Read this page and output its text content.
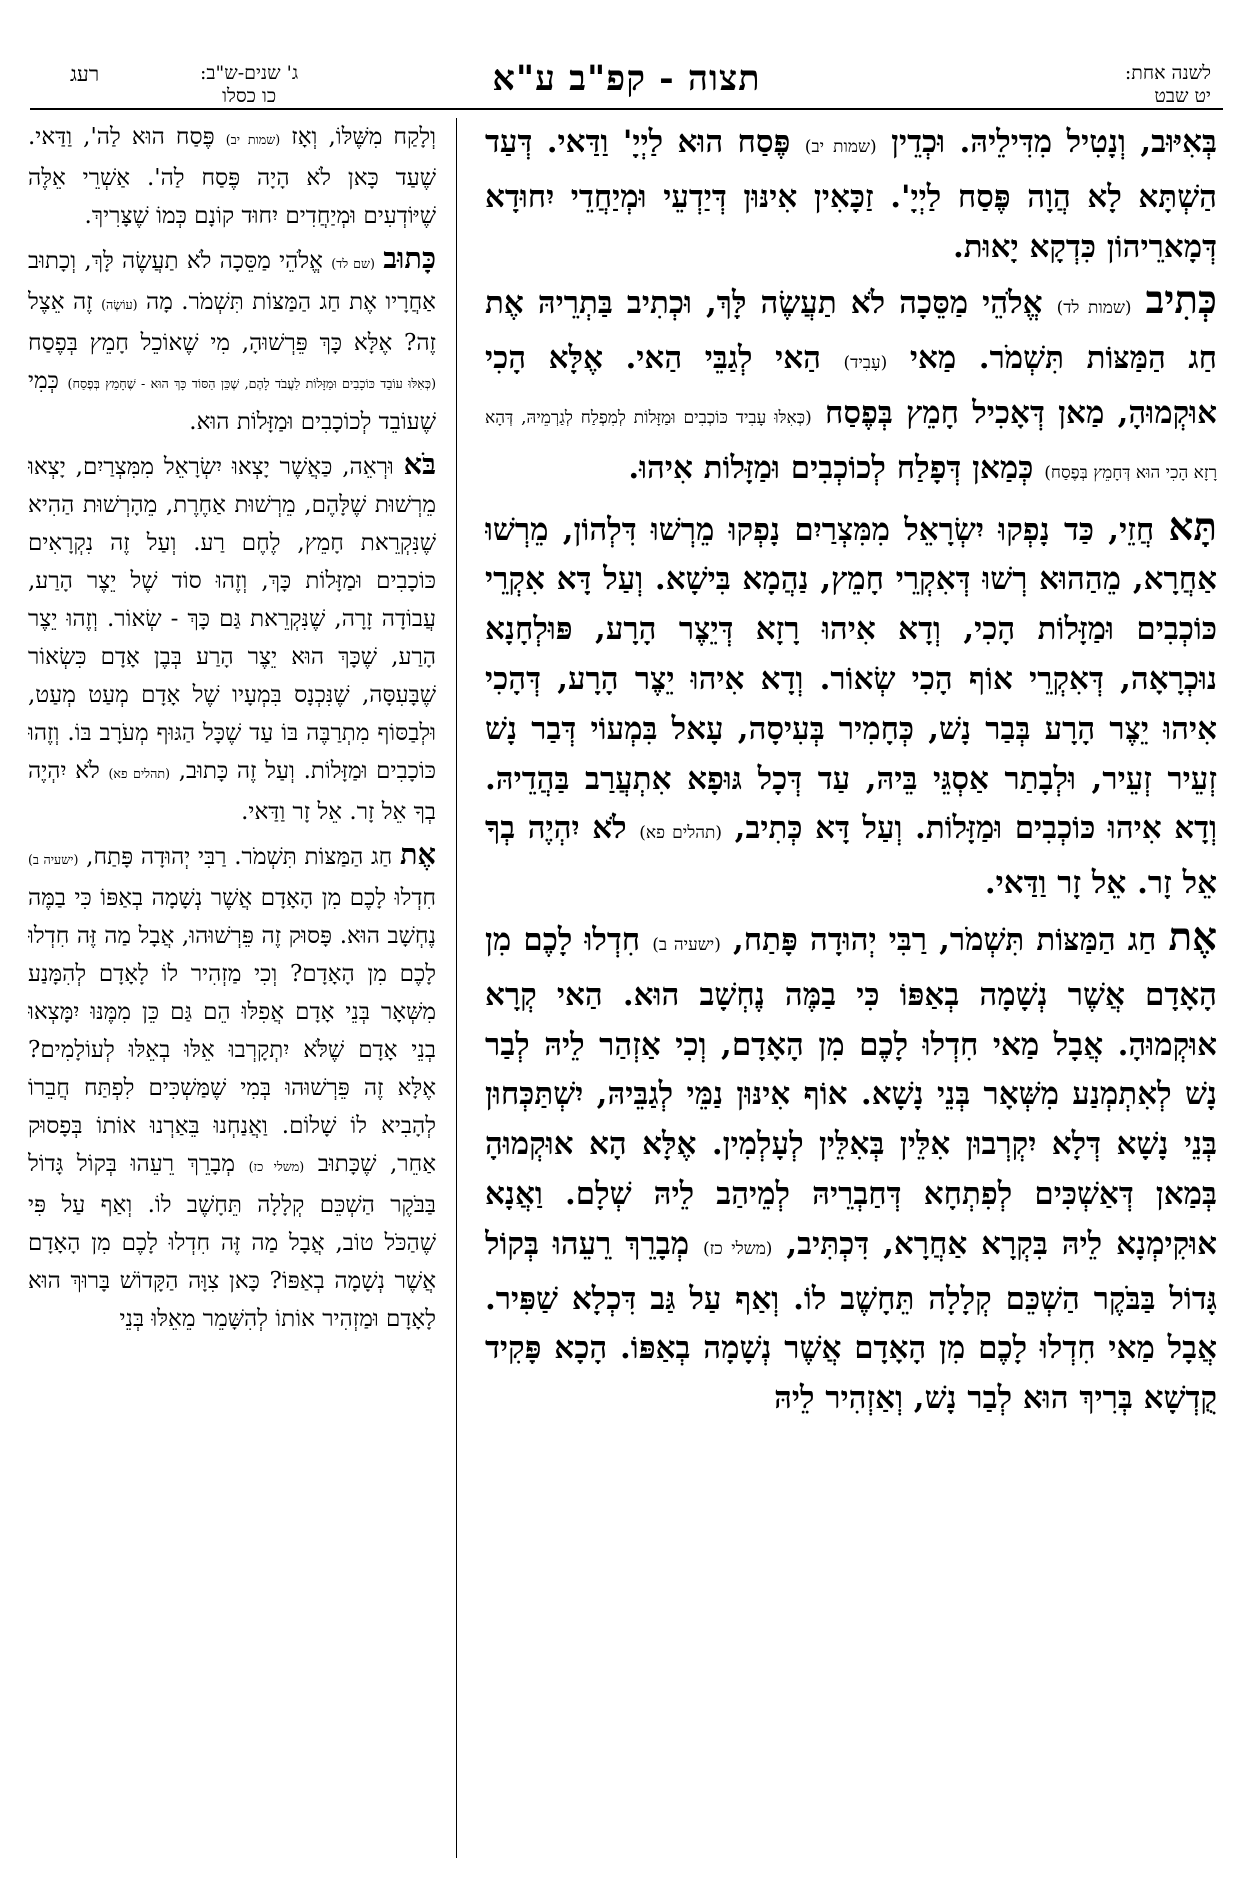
לשנה אחת:
יט שבט
תצוה - קפ"ב ע"א
ג' שנים-ש"ב:
כו כסלו
רעג

בְּאִיּוּב, וְנָטִיל מִדִּילֵיהּ. וּכְדֵין (שמות יב) פֶּסַח הוּא לַיְיָ' וַדַּאי. דְּעַד הַשְׁתָּא לָא הֲוָה פֶּסַח לַיְיָ'. זַכָּאִין אִינּוּן דְּיַדְעֵי וּמְיַחֲדֵי יִחוּדָא דְּמָארֵיהוֹן כִּדְקָא יָאוּת.

כְּתִיב (שמות לד) אֱלֹהֵי מַסֵּכָה לֹא תַעֲשֶׂה לָּךְ, וּכְתִיב בַּתְרֵיהּ אֶת חַג הַמַּצּוֹת תִּשְׁמֹר. מַאי (עָבִיד) הַאי לְגַבֵּי הַאי. אֶלָּא הָכִי אוּקְמוּהָ, מַאן דְּאָכִיל חָמֵץ בְּפֶסַח (כְּאִלּוּ עָבִיד כּוֹכְבִים וּמַזָּלוֹת לְמִפְלַח לְגַרְמֵיהּ, דְּהָא רָזָא הָכִי הוּא דְּחָמֵץ בְּפֶסַח) כְּמַאן דְּפָלַח לְכוֹכְבִים וּמַזָּלוֹת אִיהוּ.

תָּא חֲזֵי, כַּד נָפְקוּ יִשְׂרָאֵל מִמִּצְרַיִם נָפְקוּ מֵרְשׁוּ דִּלְהוֹן, מֵרְשׁוּ אַחֲרָא, מֵהַהוּא רְשׁוּ דְּאִקְרֵי חָמֵץ, נַהֲמָא בִּישָׁא. וְעַל דָּא אִקְרֵי כּוֹכְבִים וּמַזָּלוֹת הָכִי, וְדָא אִיהוּ רָזָא דְּיֵצֶר הָרָע, פּוּלְחָנָא נוּכְרָאָה, דְּאִקְרֵי אוֹף הָכִי שְׂאוֹר. וְדָא אִיהוּ יֵצֶר הָרָע, דְּהָכִי אִיהוּ יֵצֶר הָרָע בְּבַר נָשׁ, כְּחָמִיר בְּעִיסָה, עָאל בִּמְעוֹי דְּבַר נָשׁ זְעֵיר זְעֵיר, וּלְבָתַר אַסְגֵּי בֵּיהּ, עַד דְּכָל גּוּפָא אִתְעֲרַב בַּהֲדֵיהּ. וְדָא אִיהוּ כּוֹכְבִים וּמַזָּלוֹת. וְעַל דָּא כְּתִיב, (תהלים פא) לֹא יִהְיֶה בְךָ אֵל זָר. אֵל זָר וַדַּאי.

אֶת חַג הַמַּצּוֹת תִּשְׁמֹר, רַבִּי יְהוּדָה פָּתַח, (ישעיה ב) חִדְלוּ לָכֶם מִן הָאָדָם אֲשֶׁר נְשָׁמָה בְאַפּוֹ כִּי בַמֶּה נֶחְשָׁב הוּא. הַאי קְרָא אוּקְמוּהָ. אֲבָל מַאי חִדְלוּ לָכֶם מִן הָאָדָם, וְכִי אַזְהַר לֵיהּ לְבַר נָשׁ לְאִתְמְנַע מִשְּׁאָר בְּנֵי נָשָׁא. אוֹף אִינּוּן נַמֵּי לְגַבֵּיהּ, יִשְׁתַּכְּחוּן בְּנֵי נָשָׁא דְּלָא יִקְרְבוּן אִלֵּין בְּאִלֵּין לְעָלְמִין. אֶלָּא הָא אוּקְמוּהָ בְּמַאן דְּאַשְׁכִּים לְפִתְחָא דְּחַבְרֵיהּ לְמֵיהַב לֵיהּ שְׁלָם. וַאֲנָא אוּקִימְנָא לֵיהּ בִּקְרָא אַחֲרָא, דִּכְתִּיב, (משלי כז) מְבָרֵךְ רֵעֵהוּ בְּקוֹל גָּדוֹל בַּבֹּקֶר הַשְׁכֵּם קְלָלָה תֵּחָשֶׁב לוֹ. וְאַף עַל גַּב דִּכְלָא שַׁפִּיר. אֲבָל מַאי חִדְלוּ לָכֶם מִן הָאָדָם אֲשֶׁר נְשָׁמָה בְאַפּוֹ. הָכָא פָּקִיד קֻדְשָׁא בְּרִיךְ הוּא לְבַר נָשׁ, וְאַזְהִיר לֵיהּ

וְלָקַח מִשֶּׁלּוֹ, וְאָז (שמות יב) פֶּסַח הוּא לַה', וַדַּאי. שֶׁעַד כָּאן לֹא הָיָה פֶּסַח לַה'. אַשְׁרֵי אֵלֶּה שֶׁיּוֹדְעִים וּמְיַחֲדִים יִחוּד קוֹנָם כְּמוֹ שֶׁצָּרִיךְ.

כָּתוּב (שם לד) אֱלֹהֵי מַסֵּכָה לֹא תַעֲשֶׂה לָּךְ, וְכָתוּב אַחֲרָיו אֶת חַג הַמַּצּוֹת תִּשְׁמֹר. מָה (עוֹשֶׂה) זֶה אֵצֶל זֶה? אֶלָּא כָּךְ פֵּרְשׁוּהָ, מִי שֶׁאוֹכֵל חָמֵץ בְּפֶסַח (כְּאִלּוּ עוֹבֵד כּוֹכָבִים וּמַזָּלוֹת לַעֲבֹד לָהֶם, שֶׁכֵּן הַסּוֹד כָּךְ הוּא - שֶׁחָמֵץ בְּפֶסַח) כְּמִי שֶׁעוֹבֵד לְכוֹכָבִים וּמַזָּלוֹת הוּא.

בֹּא וּרְאֵה, כַּאֲשֶׁר יָצְאוּ יִשְׂרָאֵל מִמִּצְרַיִם, יָצְאוּ מֵרְשׁוּת שֶׁלָּהֶם, מֵרְשׁוּת אַחֶרֶת, מֵהָרְשׁוּת הַהִיא שֶׁנִּקְרֵאת חָמֵץ, לֶחֶם רַע. וְעַל זֶה נִקְרָאִים כּוֹכָבִים וּמַזָּלוֹת כָּךְ, וְזֶהוּ סוֹד שֶׁל יֵצֶר הָרַע, עֲבוֹדָה זָרָה, שֶׁנִּקְרֵאת גַּם כָּךְ - שְׂאוֹר. וְזֶהוּ יֵצֶר הָרַע, שֶׁכָּךְ הוּא יֵצֶר הָרַע בְּבֶן אָדָם כִּשְׂאוֹר שֶׁבָּעִסָּה, שֶׁנִּכְנָס בִּמְעָיו שֶׁל אָדָם מְעַט מְעַט, וּלְבַסּוֹף מִתְרַבֶּה בּוֹ עַד שֶׁכָּל הַגּוּף מְעֹרָב בּוֹ. וְזֶהוּ כּוֹכָבִים וּמַזָּלוֹת. וְעַל זֶה כָּתוּב, (תהלים פא) לֹא יִהְיֶה בְךָ אֵל זָר. אֵל זָר וַדַּאי.

אֶת חַג הַמַּצּוֹת תִּשְׁמֹר. רַבִּי יְהוּדָה פָּתַח, (ישעיה ב) חִדְלוּ לָכֶם מִן הָאָדָם אֲשֶׁר נְשָׁמָה בְאַפּוֹ כִּי בַמֶּה נֶחְשָׁב הוּא. פָּסוּק זֶה פֵּרְשׁוּהוּ, אֲבָל מַה זֶּה חִדְלוּ לָכֶם מִן הָאָדָם? וְכִי מַזְהִיר לוֹ לָאָדָם לְהִמָּנַע מִשְּׁאָר בְּנֵי אָדָם אֲפִלּוּ הֵם גַּם כֵּן מִמֶּנּוּ יִמָּצְאוּ בְנֵי אָדָם שֶׁלֹּא יִתְקָרְבוּ אֵלּוּ בְאֵלּוּ לְעוֹלָמִים? אֶלָּא זֶה פֵּרְשׁוּהוּ בְּמִי שֶׁמַּשְׁכִּים לִפְתַּח חֲבֵרוֹ לְהָבִיא לוֹ שָׁלוֹם. וַאֲנַחְנוּ בֵּאַרְנוּ אוֹתוֹ בְּפָסוּק אַחֵר, שֶׁכָּתוּב (משלי כז) מְבָרֵךְ רֵעֵהוּ בְּקוֹל גָּדוֹל בַּבֹּקֶר הַשְׁכֵּם קְלָלָה תֵּחָשֶׁב לוֹ. וְאַף עַל פִּי שֶׁהַכֹּל טוֹב, אֲבָל מַה זֶּה חִדְלוּ לָכֶם מִן הָאָדָם אֲשֶׁר נְשָׁמָה בְאַפּוֹ? כָּאן צִוָּה הַקָּדוֹשׁ בָּרוּךְ הוּא לָאָדָם וּמַזְהִיר אוֹתוֹ לְהִשָּׁמֵר מֵאֵלּוּ בְּנֵי
